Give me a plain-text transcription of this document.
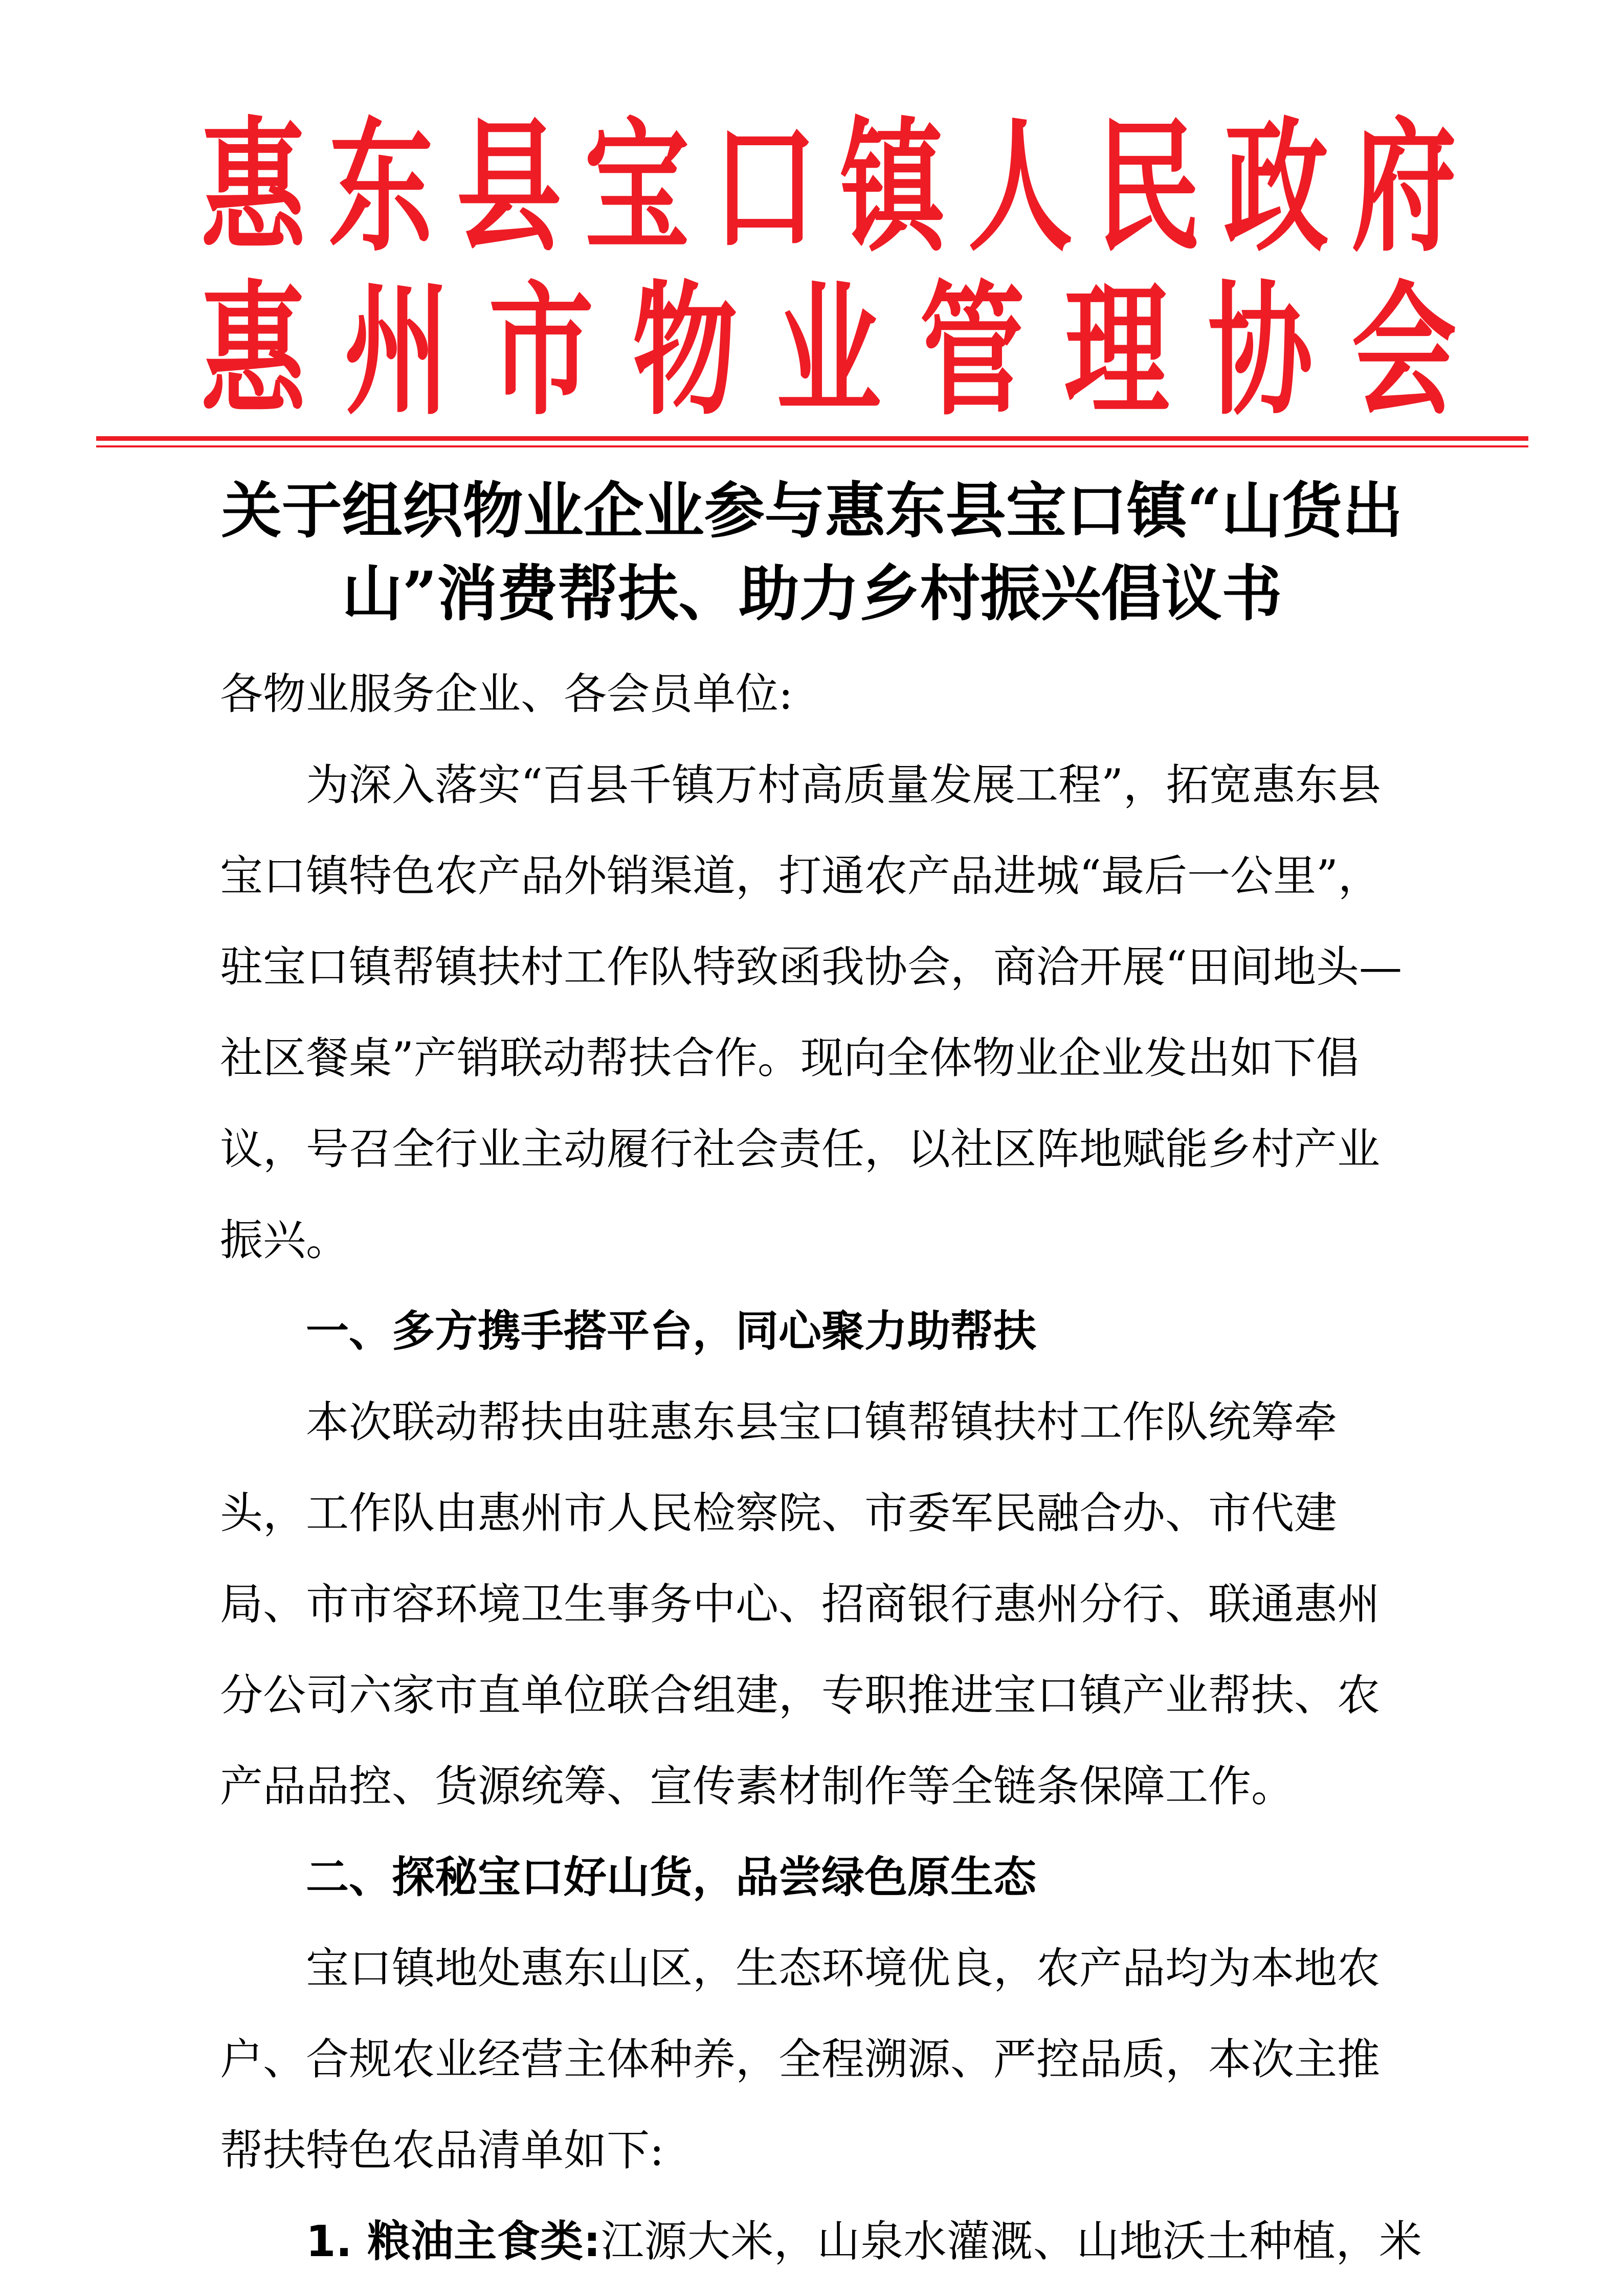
惠 东 县 宝 口 镇 人 民 政 府
惠 州 市 物 业 管 理 协 会
关于组织物业企业参与惠东县宝口镇“山货出
山”消费帮扶、助力乡村振兴倡议书

各物业服务企业、各会员单位:

为深入落实“百县千镇万村高质量发展工程”，拓宽惠东县宝口镇特色农产品外销渠道，打通农产品进城“最后一公里”，驻宝口镇帮镇扶村工作队特致函我协会，商洽开展“田间地头—社区餐桌”产销联动帮扶合作。现向全体物业企业发出如下倡议，号召全行业主动履行社会责任，以社区阵地赋能乡村产业振兴。

一、多方携手搭平台，同心聚力助帮扶

本次联动帮扶由驻惠东县宝口镇帮镇扶村工作队统筹牵头，工作队由惠州市人民检察院、市委军民融合办、市代建局、市市容环境卫生事务中心、招商银行惠州分行、联通惠州分公司六家市直单位联合组建，专职推进宝口镇产业帮扶、农产品品控、货源统筹、宣传素材制作等全链条保障工作。

二、探秘宝口好山货，品尝绿色原生态

宝口镇地处惠东山区，生态环境优良，农产品均为本地农户、合规农业经营主体种养，全程溯源、严控品质，本次主推帮扶特色农品清单如下:

1. 粮油主食类:江源大米，山泉水灌溉、山地沃土种植，米
